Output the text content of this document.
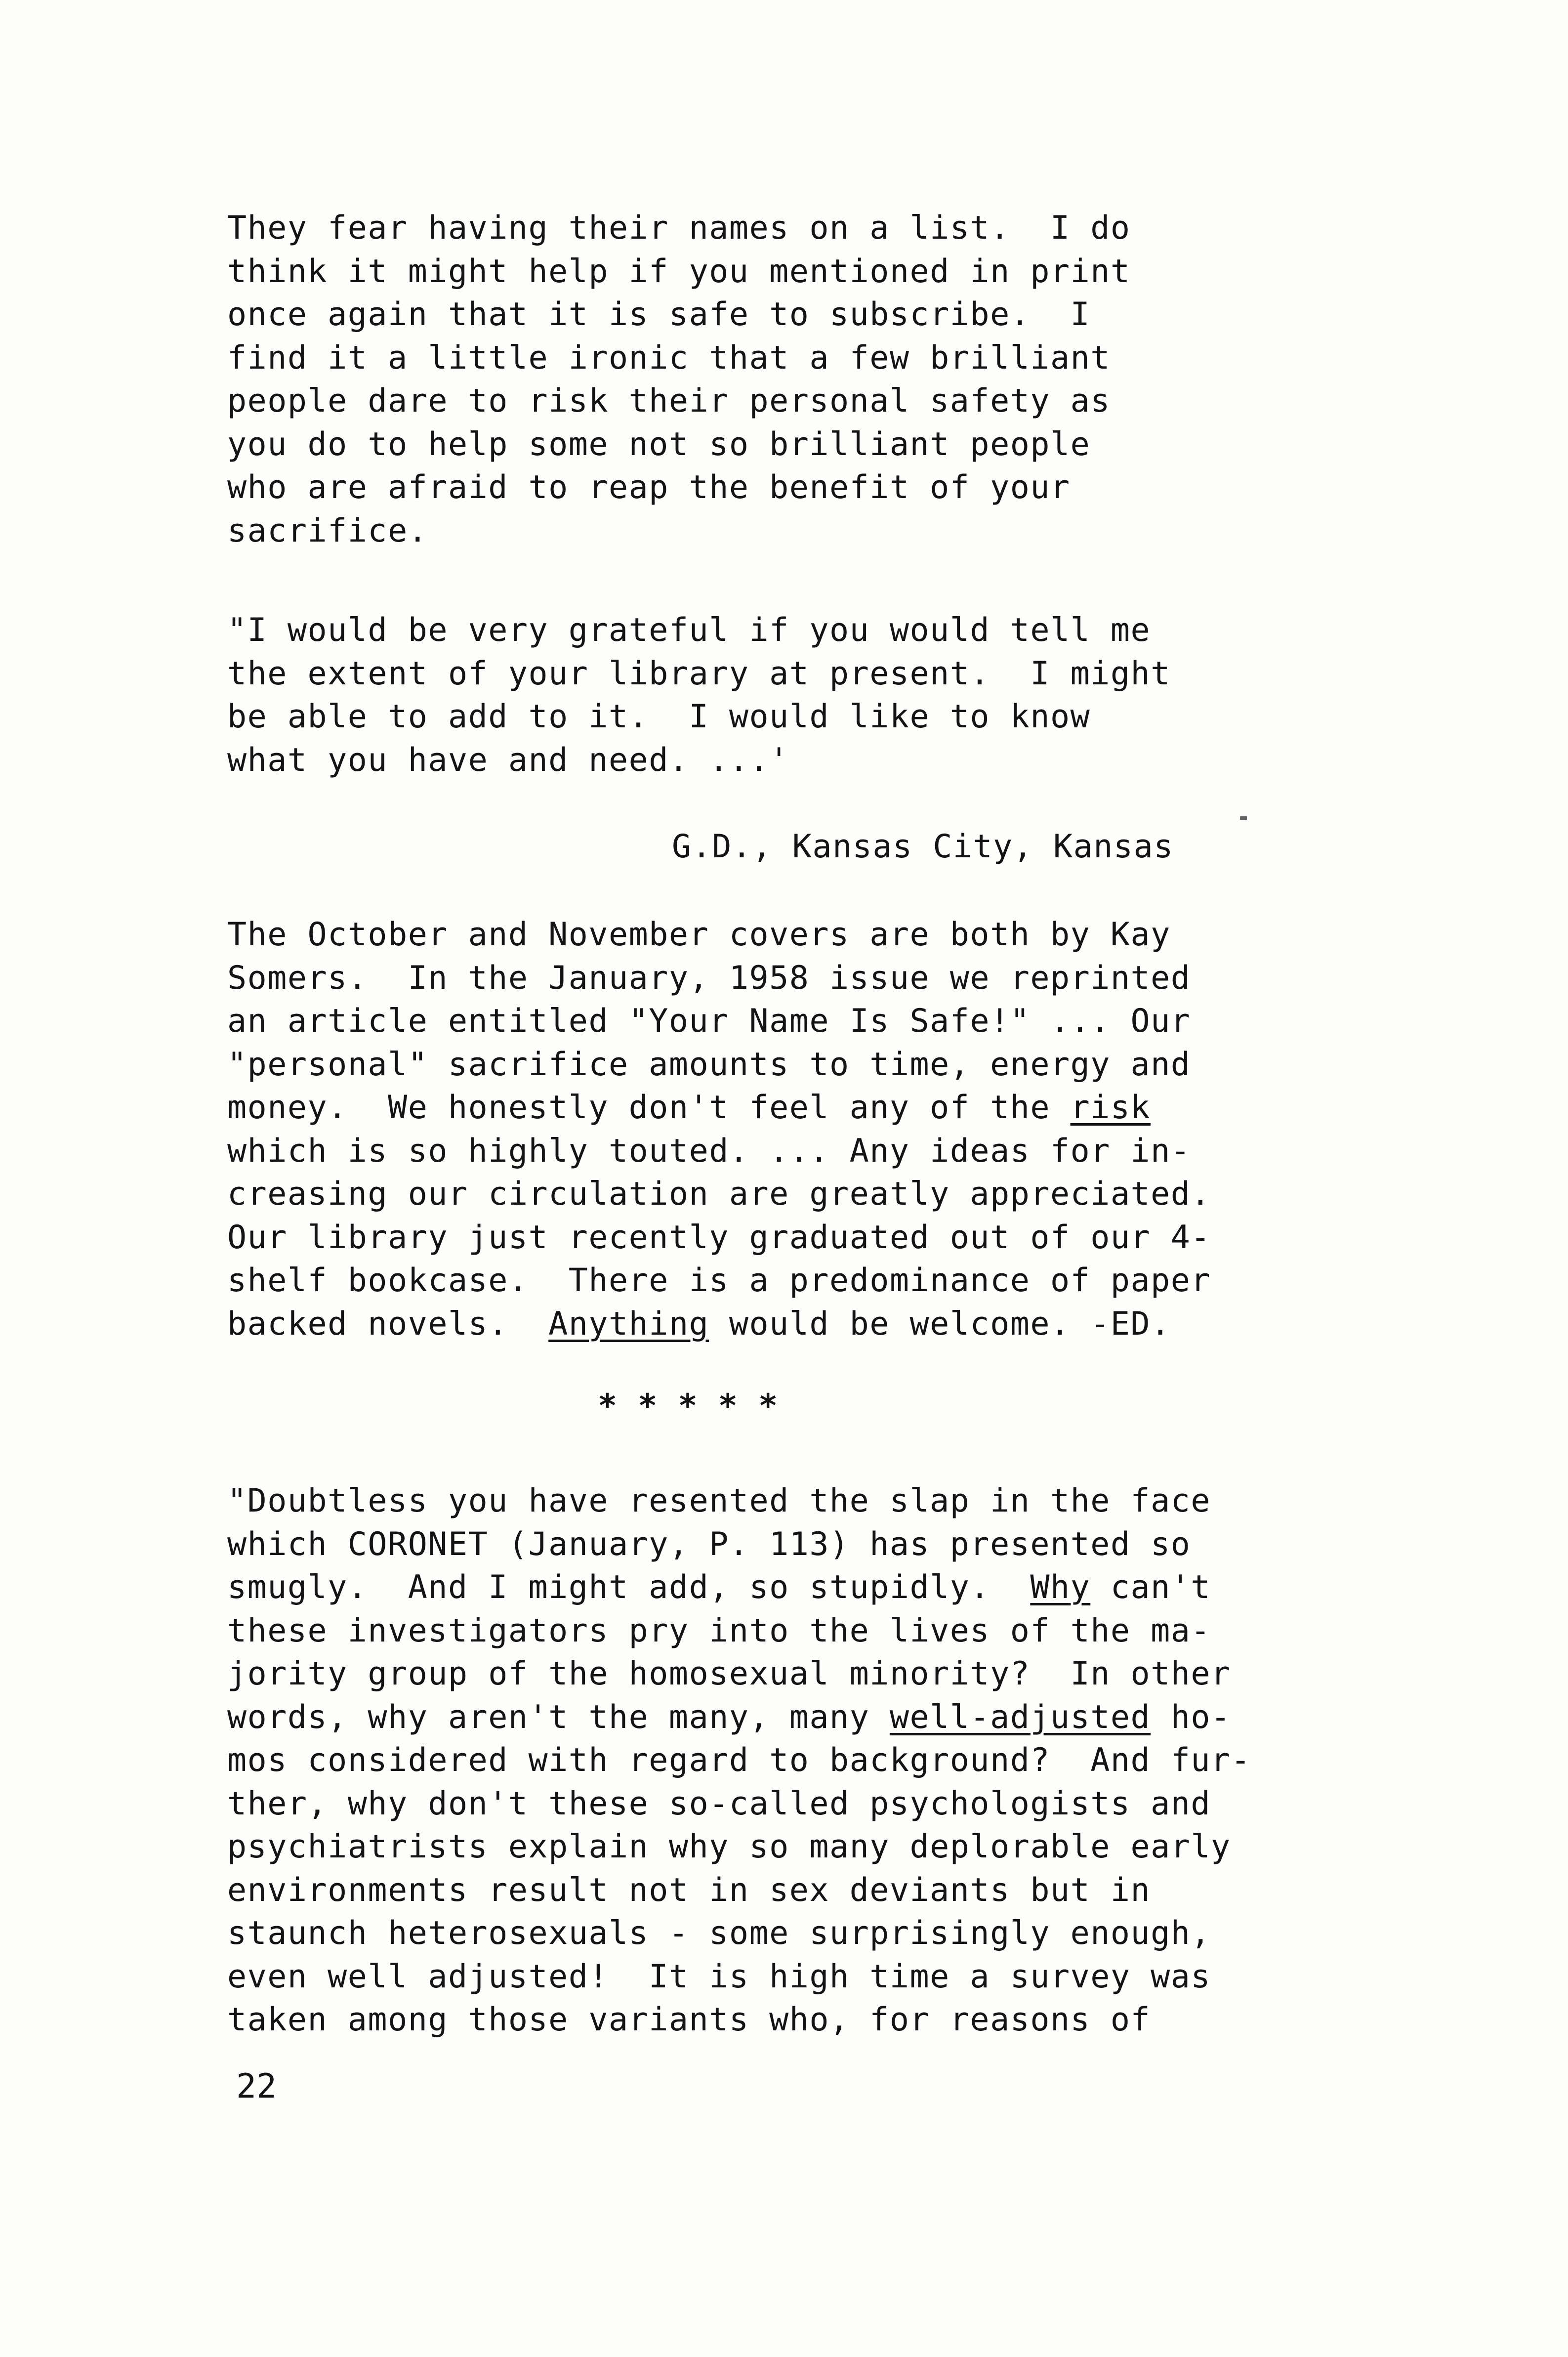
They fear having their names on a list.  I do
think it might help if you mentioned in print
once again that it is safe to subscribe.  I
find it a little ironic that a few brilliant
people dare to risk their personal safety as
you do to help some not so brilliant people
who are afraid to reap the benefit of your
sacrifice.
"I would be very grateful if you would tell me
the extent of your library at present.  I might
be able to add to it.  I would like to know
what you have and need. ...'
G.D., Kansas City, Kansas
The October and November covers are both by Kay
Somers.  In the January, 1958 issue we reprinted
an article entitled "Your Name Is Safe!" ... Our
"personal" sacrifice amounts to time, energy and
money.  We honestly don't feel any of the risk
which is so highly touted. ... Any ideas for in-
creasing our circulation are greatly appreciated.
Our library just recently graduated out of our 4-
shelf bookcase.  There is a predominance of paper
backed novels.  Anything would be welcome. -ED.
* * * * *
"Doubtless you have resented the slap in the face
which CORONET (January, P. 113) has presented so
smugly.  And I might add, so stupidly.  Why can't
these investigators pry into the lives of the ma-
jority group of the homosexual minority?  In other
words, why aren't the many, many well-adjusted ho-
mos considered with regard to background?  And fur-
ther, why don't these so-called psychologists and
psychiatrists explain why so many deplorable early
environments result not in sex deviants but in
staunch heterosexuals - some surprisingly enough,
even well adjusted!  It is high time a survey was
taken among those variants who, for reasons of
22
